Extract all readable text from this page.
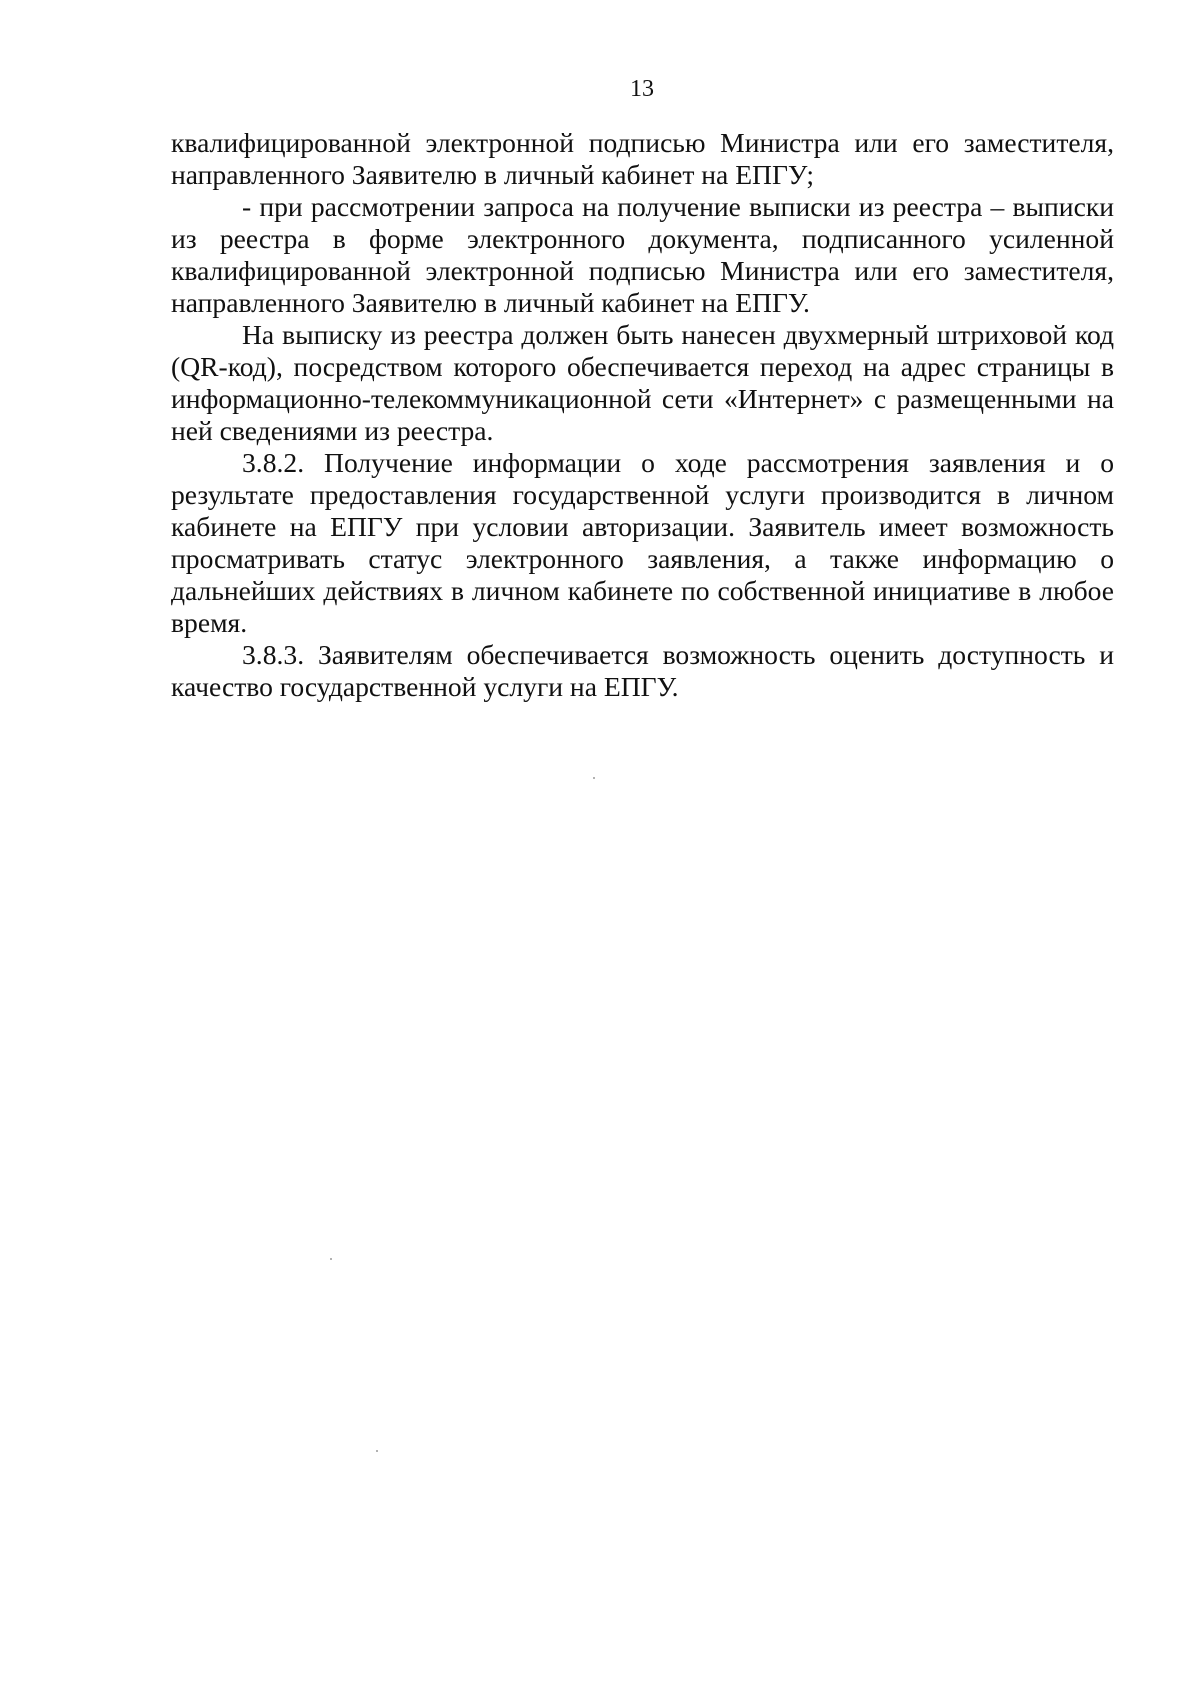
13

квалифицированной электронной подписью Министра или его заместителя, направленного Заявителю в личный кабинет на ЕПГУ;

- при рассмотрении запроса на получение выписки из реестра – выписки из реестра в форме электронного документа, подписанного усиленной квалифицированной электронной подписью Министра или его заместителя, направленного Заявителю в личный кабинет на ЕПГУ.

На выписку из реестра должен быть нанесен двухмерный штриховой код (QR-код), посредством которого обеспечивается переход на адрес страницы в информационно-телекоммуникационной сети «Интернет» с размещенными на ней сведениями из реестра.

3.8.2. Получение информации о ходе рассмотрения заявления и о результате предоставления государственной услуги производится в личном кабинете на ЕПГУ при условии авторизации. Заявитель имеет возможность просматривать статус электронного заявления, а также информацию о дальнейших действиях в личном кабинете по собственной инициативе в любое время.

3.8.3. Заявителям обеспечивается возможность оценить доступность и качество государственной услуги на ЕПГУ.
